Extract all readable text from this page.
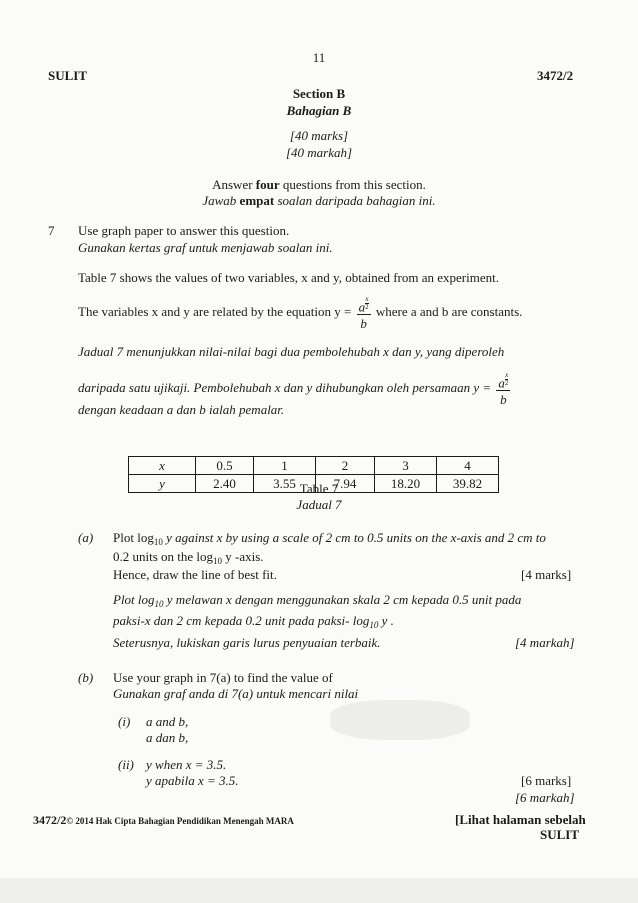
11
SULIT	3472/2
Section B
Bahagian B
[40 marks]
[40 markah]
Answer four questions from this section.
Jawab empat soalan daripada bahagian ini.
7 Use graph paper to answer this question.
Gunakan kertas graf untuk menjawab soalan ini.
Table 7 shows the values of two variables, x and y, obtained from an experiment.
The variables x and y are related by the equation y = a $^{\frac{x}{2}}$
b where a and b are constants.
Jadual 7 menunjukkan nilai-nilai bagi dua pembolehubah x dan y, yang diperoleh
daripada satu ujikaji. Pembolehubah x dan y dihubungkan oleh persamaan y = a $^{\frac{x}{2}}$
b
dengan keadaan a dan b ialah pemalar.
x	0.5	1	2	3	4
y	2.40	3.55	7.94	18.20	39.82
Table 7
Jadual 7
(a) Plot $\log_{10} y$ against x by using a scale of 2 cm to 0.5 units on the x-axis and 2 cm to
0.2 units on the $\log_{10} y$ -axis.
Hence, draw the line of best fit.	[4 marks]
Plot $\log_{10} y$ melawan x dengan menggunakan skala 2 cm kepada 0.5 unit pada
paksi-x dan 2 cm kepada 0.2 unit pada paksi- $\log_{10} y$ .
Seterusnya, lukiskan garis lurus penyuaian terbaik.	[4 markah]
(b) Use your graph in 7(a) to find the value of
Gunakan graf anda di 7(a) untuk mencari nilai
(i) a and b,
a dan b,
(ii) y when x = 3.5.
y apabila x = 3.5.	[6 marks]
[6 markah]
3472/2© 2014 Hak Cipta Bahagian Pendidikan Menengah MARA	[Lihat halaman sebelah
SULIT
